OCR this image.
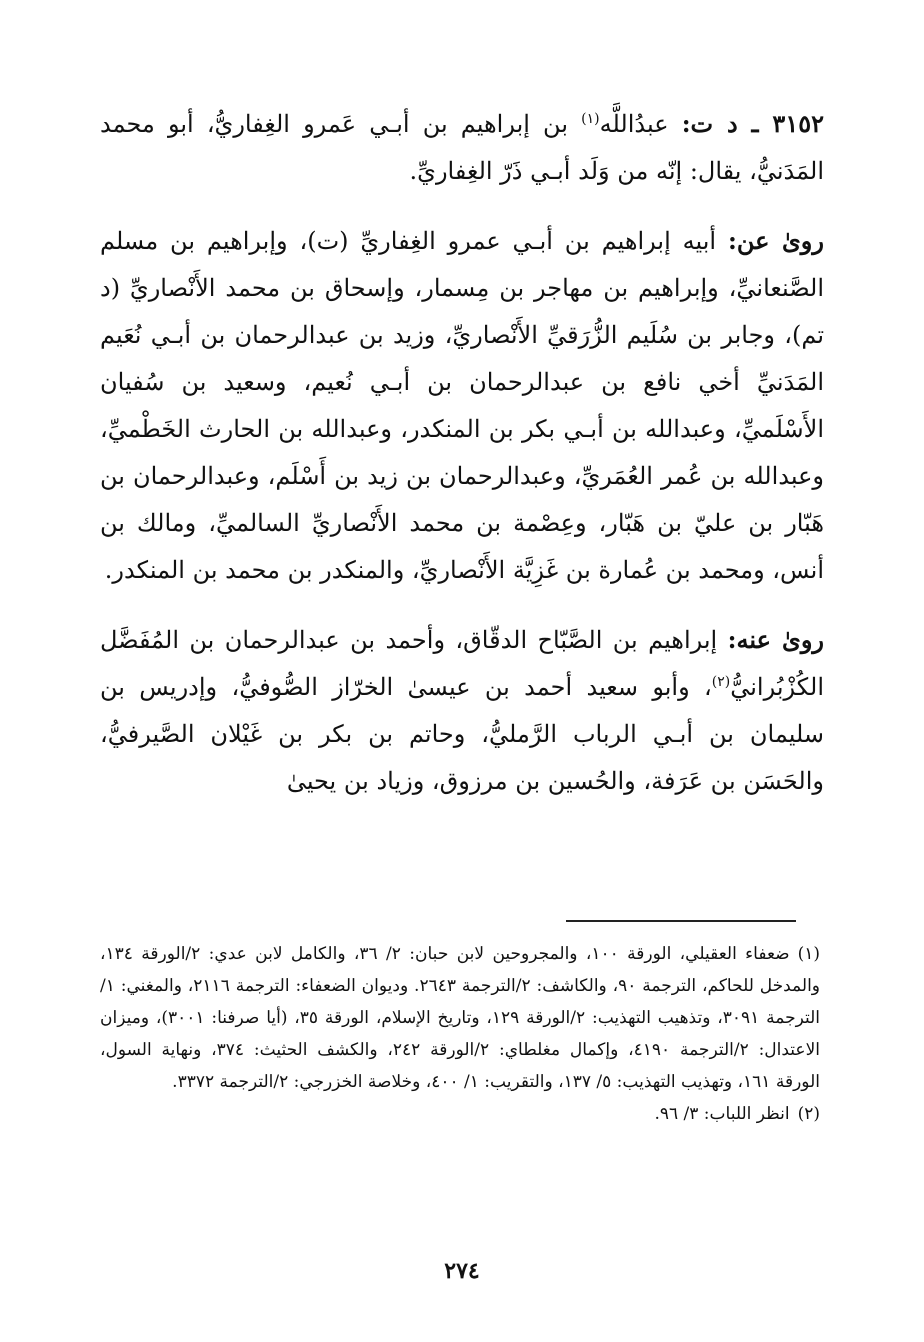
٣١٥٢ ـ د ت: عبدُاللَّه$^{(١)}$ بن إبراهيم بن أبـي عَمرو الغِفاريُّ، أبو محمد المَدَنيُّ، يقال: إنّه من وَلَد أبـي ذَرّ الغِفاريِّ.

روىٰ عن: أبيه إبراهيم بن أبـي عمرو الغِفاريِّ (ت)، وإبراهيم بن مسلم الصَّنعانيِّ، وإبراهيم بن مهاجر بن مِسمار، وإسحاق بن محمد الأَنْصاريِّ (د تم)، وجابر بن سُلَيم الزُّرَقيِّ الأَنْصاريِّ، وزيد بن عبدالرحمان بن أبـي نُعَيم المَدَنيِّ أخي نافع بن عبدالرحمان بن أبـي نُعيم، وسعيد بن سُفيان الأَسْلَميِّ، وعبدالله بن أبـي بكر بن المنكدر، وعبدالله بن الحارث الخَطْميِّ، وعبدالله بن عُمر العُمَريِّ، وعبدالرحمان بن زيد بن أَسْلَم، وعبدالرحمان بن هَبّار بن عليّ بن هَبّار، وعِصْمة بن محمد الأَنْصاريِّ السالميِّ، ومالك بن أنس، ومحمد بن عُمارة بن غَزِيَّة الأَنْصاريِّ، والمنكدر بن محمد بن المنكدر.

روىٰ عنه: إبراهيم بن الصَّبّاح الدقّاق، وأحمد بن عبدالرحمان بن المُفَضَّل الكُزْبُرانيُّ$^{(٢)}$، وأبو سعيد أحمد بن عيسىٰ الخرّاز الصُّوفيُّ، وإدريس بن سليمان بن أبـي الرباب الرَّمليُّ، وحاتم بن بكر بن غَيْلان الصَّيرفيُّ، والحَسَن بن عَرَفة، والحُسين بن مرزوق، وزياد بن يحيىٰ

(١)ضعفاء العقيلي، الورقة ١٠٠، والمجروحين لابن حبان: ٢/ ٣٦، والكامل لابن عدي: ٢/الورقة ١٣٤، والمدخل للحاكم، الترجمة ٩٠، والكاشف: ٢/الترجمة ٢٦٤٣. وديوان الضعفاء: الترجمة ٢١١٦، والمغني: ١/الترجمة ٣٠٩١، وتذهيب التهذيب: ٢/الورقة ١٢٩، وتاريخ الإسلام، الورقة ٣٥، (أيا صرفنا: ٣٠٠١)، وميزان الاعتدال: ٢/الترجمة ٤١٩٠، وإكمال مغلطاي: ٢/الورقة ٢٤٢، والكشف الحثيث: ٣٧٤، ونهاية السول، الورقة ١٦١، وتهذيب التهذيب: ٥/ ١٣٧، والتقريب: ١/ ٤٠٠، وخلاصة الخزرجي: ٢/الترجمة ٣٣٧٢.

(٢)انظر اللباب: ٣/ ٩٦.

٢٧٤
